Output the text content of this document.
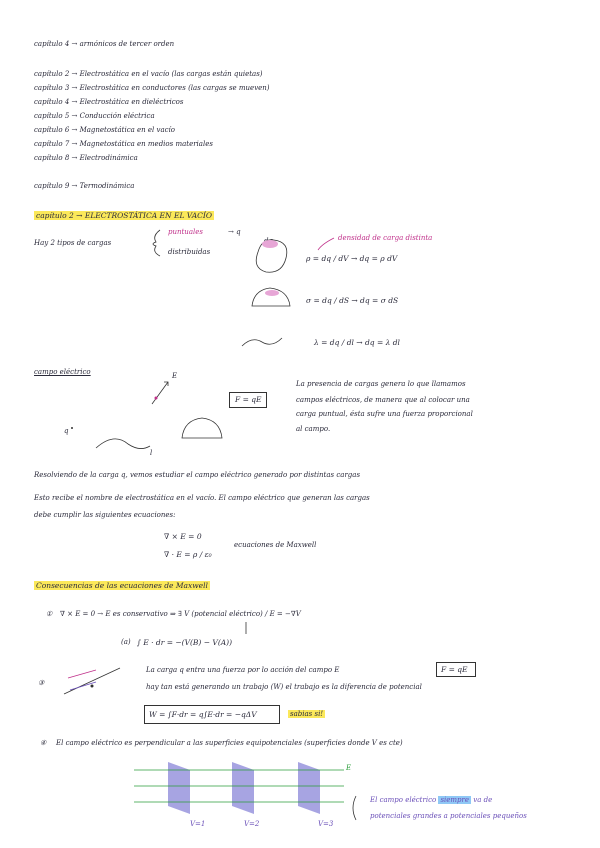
capítulo 4 → armónicos de tercer orden
capítulo 2 → Electrostática en el vacío (las cargas están quietas)
capítulo 3 → Electrostática en conductores (las cargas se mueven)
capítulo 4 → Electrostática en dieléctricos
capítulo 5 → Conducción eléctrica
capítulo 6 → Magnetostática en el vacío
capítulo 7 → Magnetostática en medios materiales
capítulo 8 → Electrodinámica
capítulo 9 → Termodinámica
capítulo 2 → ELECTROSTÁTICA EN EL VACÍO
Hay 2 tipos de cargas
puntuales	→ q
distribuidas
densidad de carga distinta
ρ = dq / dV → dq = ρ dV
σ = dq / dS → dq = σ dS
λ = dq / dl → dq = λ dl
campo eléctrico	E
F = qE
q
l
La presencia de cargas genera lo que llamamos
campos eléctricos, de manera que al colocar una
carga puntual, ésta sufre una fuerza proporcional
al campo.
Resolviendo de la carga q, vemos estudiar el campo eléctrico generado por distintas cargas
Esto recibe el nombre de electrostática en el vacío. El campo eléctrico que generan las cargas
debe cumplir las siguientes ecuaciones:
∇ × E = 0
∇ · E = ρ / ε₀
ecuaciones de Maxwell
Consecuencias de las ecuaciones de Maxwell
① ∇ × E = 0 → E es conservativo ⇒ ∃ V (potencial eléctrico) / E = −∇V
(a) ∫ E · dr = −(V(B) − V(A))
③
La carga q entra una fuerza por lo acción del campo E	F = qE
hay tan está generando un trabajo (W) el trabajo es la diferencia de potencial
W = ∫F·dr = q∫E·dr = −qΔV	sabias si!
④ El campo eléctrico es perpendicular a las superficies equipotenciales (superficies donde V es cte)
V=1	V=2	V=3
E
El campo eléctrico siempre va de
potenciales grandes a potenciales pequeños
